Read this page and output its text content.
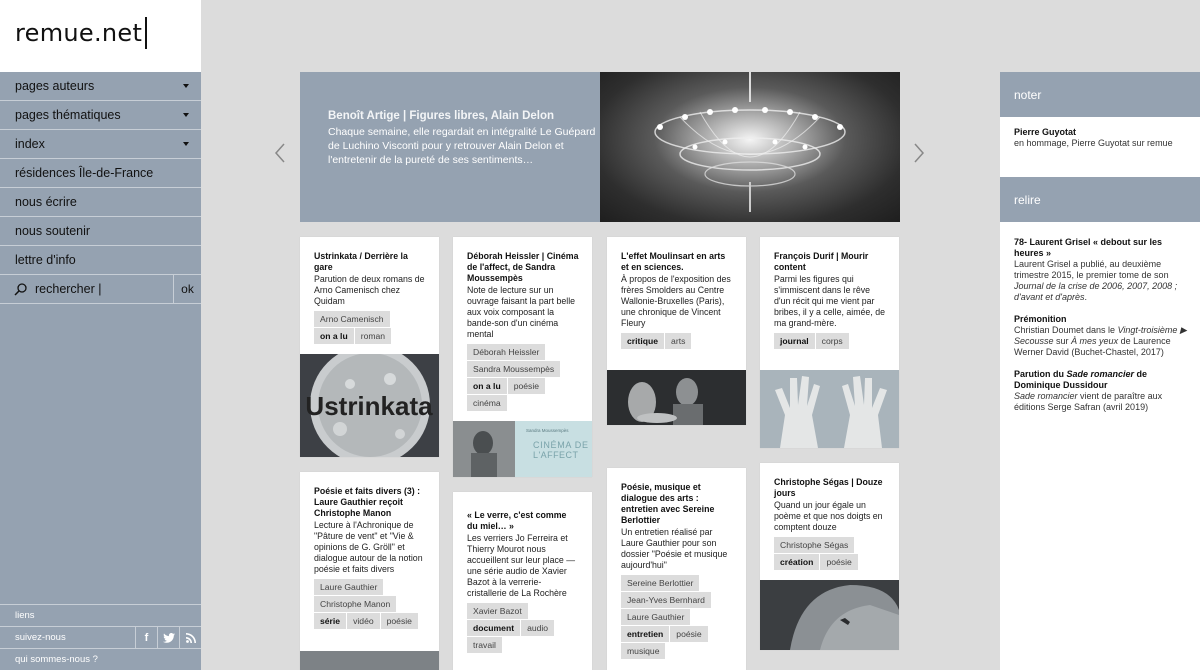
remue.net
pages auteurs
pages thématiques
index
résidences Île-de-France
nous écrire
nous soutenir
lettre d'info
rechercher |	ok
liens
suivez-nous	f
qui sommes-nous ?
Benoît Artige | Figures libres, Alain Delon
Chaque semaine, elle regardait en intégralité Le Guépard de Luchino Visconti pour y retrouver Alain Delon et l'entretenir de la pureté de ses sentiments…
Ustrinkata / Derrière la gare
Parution de deux romans de Arno Camenisch chez Quidam
Arno Camenisch
on a lu	roman
Ustrinkata
Déborah Heissler | Cinéma de l'affect, de Sandra Moussempès
Note de lecture sur un ouvrage faisant la part belle aux voix composant la bande-son d'un cinéma mental
Déborah Heissler
Sandra Moussempès
on a lu	poésie
cinéma
Sandra Moussempès
CINÉMA DE
L'AFFECT
L'effet Moulinsart en arts et en sciences.
À propos de l'exposition des frères Smolders au Centre Wallonie-Bruxelles (Paris), une chronique de Vincent Fleury
critique	arts
François Durif | Mourir content
Parmi les figures qui s'immiscent dans le rêve d'un récit qui me vient par bribes, il y a celle, aimée, de ma grand-mère.
journal	corps
Poésie et faits divers (3) : Laure Gauthier reçoit Christophe Manon
Lecture à l'Achronique de "Pâture de vent" et "Vie & opinions de G. Gröll" et dialogue autour de la notion poésie et faits divers
Laure Gauthier
Christophe Manon
série	vidéo	poésie
« Le verre, c'est comme du miel… »
Les verriers Jo Ferreira et Thierry Mourot nous accueillent sur leur place — une série audio de Xavier Bazot à la verrerie-cristallerie de La Rochère
Xavier Bazot
document	audio
travail
Poésie, musique et dialogue des arts : entretien avec Sereine Berlottier
Un entretien réalisé par Laure Gauthier pour son dossier "Poésie et musique aujourd'hui"
Sereine Berlottier
Jean-Yves Bernhard
Laure Gauthier
entretien	poésie
musique
Christophe Ségas | Douze jours
Quand un jour égale un poème et que nos doigts en comptent douze
Christophe Ségas
création	poésie
noter
Pierre Guyotat
en hommage, Pierre Guyotat sur remue
relire
78- Laurent Grisel « debout sur les heures »
Laurent Grisel a publié, au deuxième trimestre 2015, le premier tome de son Journal de la crise de 2006, 2007, 2008 ; d'avant et d'après.
Prémonition
Christian Doumet dans le Vingt-troisième ▶ Secousse sur À mes yeux de Laurence Werner David (Buchet-Chastel, 2017)
Parution du Sade romancier de Dominique Dussidour
Sade romancier vient de paraître aux éditions Serge Safran (avril 2019)
